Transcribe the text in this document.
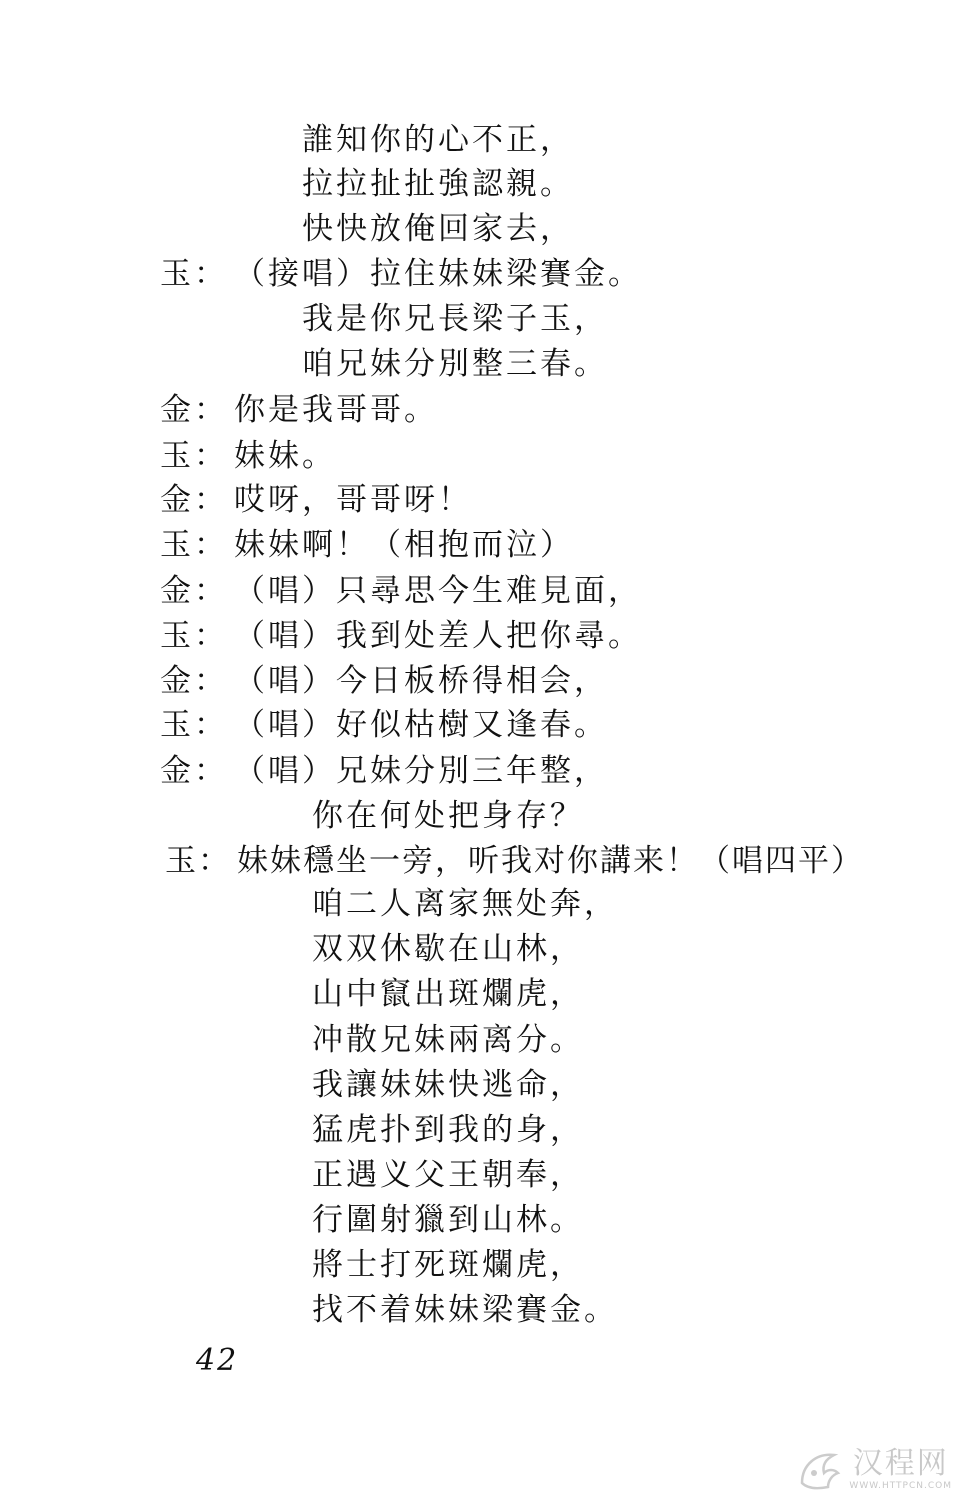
誰知你的心不正，
拉拉扯扯強認親。
快快放俺回家去，
玉： （接唱）拉住妹妹梁賽金。
我是你兄長梁子玉，
咱兄妹分別整三春。
金： 你是我哥哥。
玉： 妹妹。
金： 哎呀，哥哥呀！
玉： 妹妹啊！（相抱而泣）
金： （唱）只尋思今生难見面，
玉： （唱）我到处差人把你尋。
金： （唱）今日板桥得相会，
玉： （唱）好似枯樹又逢春。
金： （唱）兄妹分別三年整，
你在何处把身存？
玉： 妹妹穩坐一旁，听我对你講来！（唱四平）
咱二人离家無处奔，
双双休歇在山林，
山中竄出斑爛虎，
冲散兄妹兩离分。
我讓妹妹快逃命，
猛虎扑到我的身，
正遇义父王朝奉，
行圍射獵到山林。
將士打死斑爛虎，
找不着妹妹梁賽金。
42
汉程网
WWW.HTTPCN.COM
